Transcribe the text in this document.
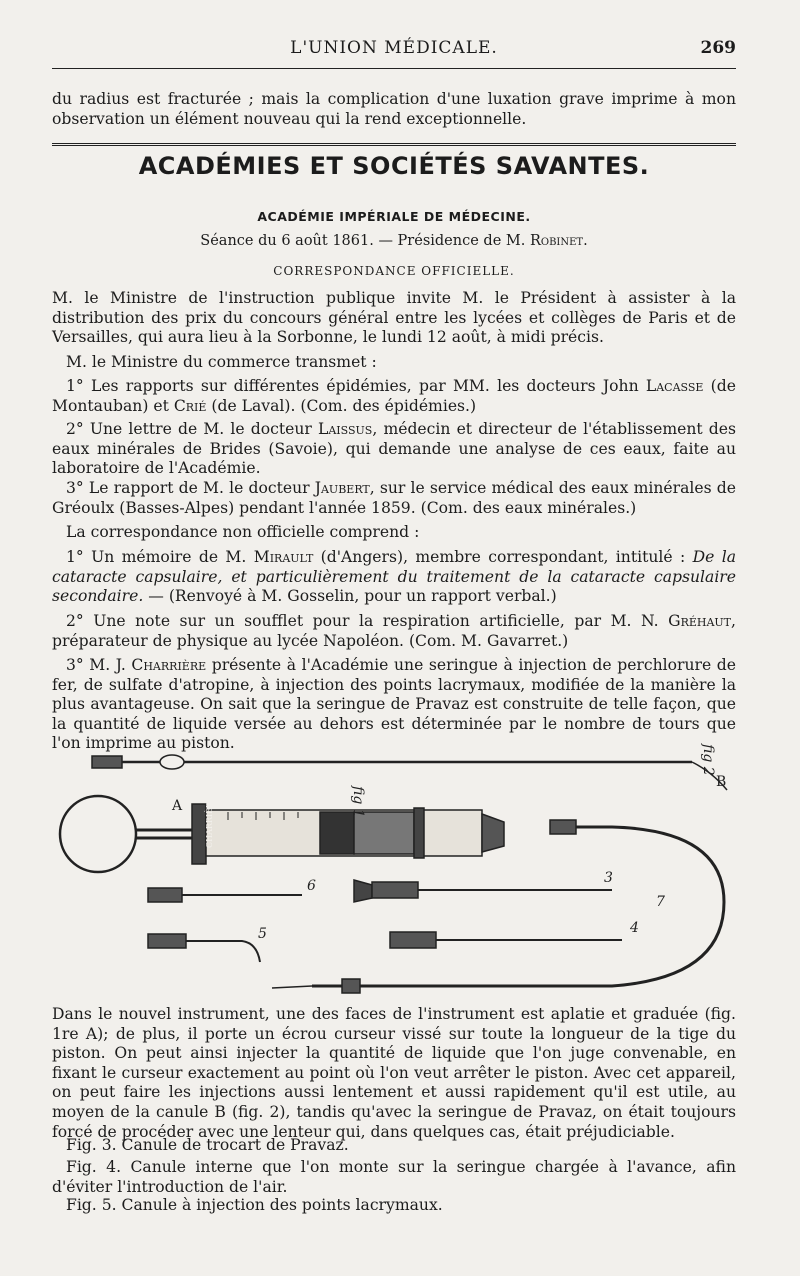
L'UNION MÉDICALE.	269
du radius est fracturée ; mais la complication d'une luxation grave imprime à mon observation un élément nouveau qui la rend exceptionnelle.
ACADÉMIES ET SOCIÉTÉS SAVANTES.
ACADÉMIE IMPÉRIALE DE MÉDECINE.
Séance du 6 août 1861. — Présidence de M. Robinet.
CORRESPONDANCE OFFICIELLE.
M. le Ministre de l'instruction publique invite M. le Président à assister à la distribution des prix du concours général entre les lycées et collèges de Paris et de Versailles, qui aura lieu à la Sorbonne, le lundi 12 août, à midi précis.
M. le Ministre du commerce transmet :
1° Les rapports sur différentes épidémies, par MM. les docteurs John Lacasse (de Montauban) et Crié (de Laval). (Com. des épidémies.)
2° Une lettre de M. le docteur Laissus, médecin et directeur de l'établissement des eaux minérales de Brides (Savoie), qui demande une analyse de ces eaux, faite au laboratoire de l'Académie.
3° Le rapport de M. le docteur Jaubert, sur le service médical des eaux minérales de Gréoulx (Basses-Alpes) pendant l'année 1859. (Com. des eaux minérales.)
La correspondance non officielle comprend :
1° Un mémoire de M. Mirault (d'Angers), membre correspondant, intitulé : De la cataracte capsulaire, et particulièrement du traitement de la cataracte capsulaire secondaire. — (Renvoyé à M. Gosselin, pour un rapport verbal.)
2° Une note sur un soufflet pour la respiration artificielle, par M. N. Gréhaut, préparateur de physique au lycée Napoléon. (Com. M. Gavarret.)
3° M. J. Charrière présente à l'Académie une seringue à injection de perchlorure de fer, de sulfate d'atropine, à injection des points lacrymaux, modifiée de la manière la plus avantageuse. On sait que la seringue de Pravaz est construite de telle façon, que la quantité de liquide versée au dehors est déterminée par le nombre de tours que l'on imprime au piston.
fig 1
fig 2
A
B
3
4
5
6
7
CHARRIÈRE
Dans le nouvel instrument, une des faces de l'instrument est aplatie et graduée (fig. 1re A); de plus, il porte un écrou curseur vissé sur toute la longueur de la tige du piston. On peut ainsi injecter la quantité de liquide que l'on juge convenable, en fixant le curseur exactement au point où l'on veut arrêter le piston. Avec cet appareil, on peut faire les injections aussi lentement et aussi rapidement qu'il est utile, au moyen de la canule B (fig. 2), tandis qu'avec la seringue de Pravaz, on était toujours forcé de procéder avec une lenteur qui, dans quelques cas, était préjudiciable.
Fig. 3. Canule de trocart de Pravaz.
Fig. 4. Canule interne que l'on monte sur la seringue chargée à l'avance, afin d'éviter l'introduction de l'air.
Fig. 5. Canule à injection des points lacrymaux.
